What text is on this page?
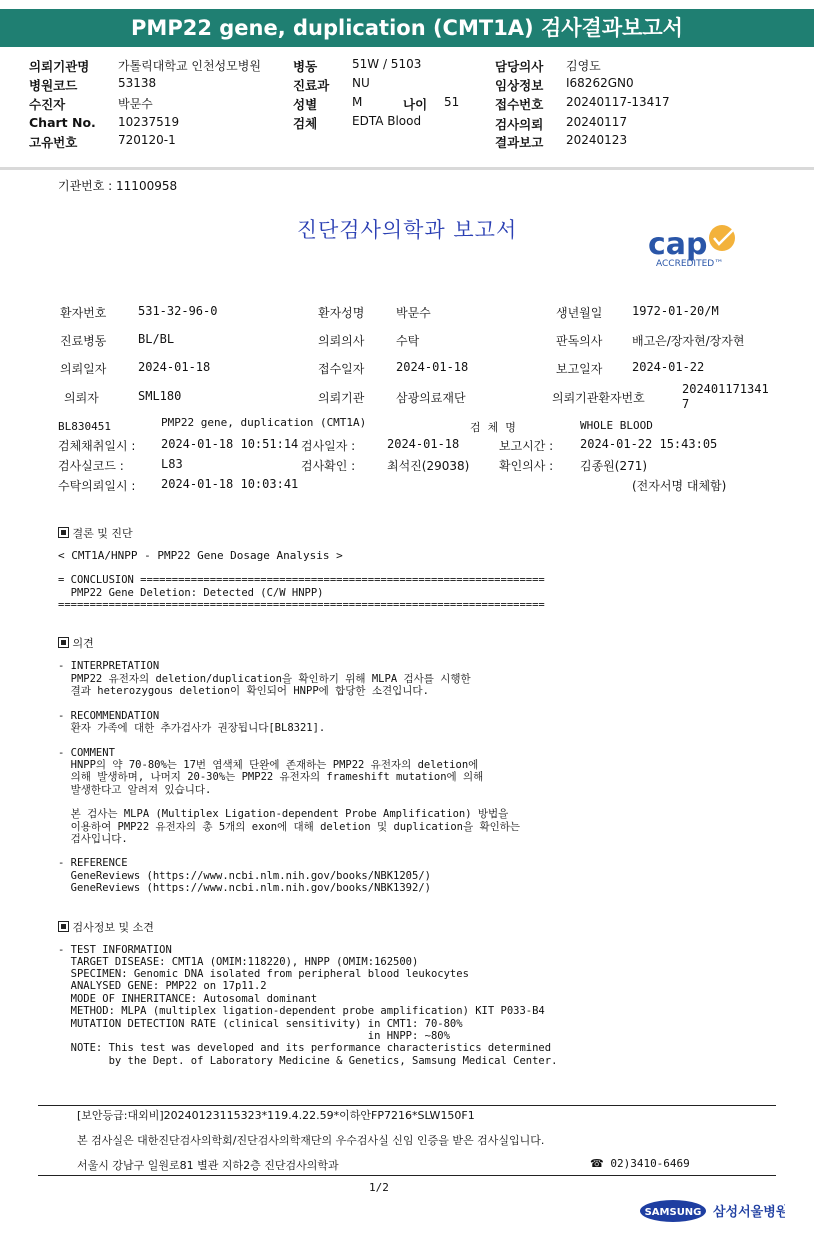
PMP22 gene, duplication (CMT1A) 검사결과보고서
의뢰기관명 가톨릭대학교 인천성모병원	병동	51W / 5103	담당의사 김영도
병원코드	53138	진료과 NU	임상정보 I68262GN0
수진자	박문수	성별	M	나이 51	접수번호 20240117-13417
Chart No. 10237519	검체	EDTA Blood	검사의뢰 20240117
고유번호	720120-1	결과보고 20240123
기관번호 : 11100958
진단검사의학과 보고서	cap
ACCREDITED™
환자번호	531-32-96-0	환자성명	박문수	생년월일 1972-01-20/M
진료병동	BL/BL	의뢰의사	수탁	판독의사 배고은/장자현/장자현
의뢰일자	2024-01-18	접수일자	2024-01-18	보고일자 2024-01-22
의뢰자	SML180	의뢰기관	삼광의료재단	의뢰기관환자번호
202401171341
7
BL830451	PMP22 gene, duplication (CMT1A)	검  체  명	WHOLE BLOOD
검체채취일시 : 2024-01-18 10:51:14 검사일자 :	2024-01-18	보고시간 : 2024-01-22 15:43:05
검사실코드 :	L83	검사확인 :	최석진(29038) 확인의사 : 김종원(271)
수탁의뢰일시 : 2024-01-18 10:03:41	(전자서명 대체함)
결론 및 진단
< CMT1A/HNPP - PMP22 Gene Dosage Analysis >
= CONCLUSION ================================================================
PMP22 Gene Deletion: Detected (C/W HNPP)
=============================================================================
의견
- INTERPRETATION
PMP22 유전자의 deletion/duplication을 확인하기 위해 MLPA 검사를 시행한
결과 heterozygous deletion이 확인되어 HNPP에 합당한 소견입니다.
- RECOMMENDATION
환자 가족에 대한 추가검사가 권장됩니다[BL8321].
- COMMENT
HNPP의 약 70-80%는 17번 염색체 단완에 존재하는 PMP22 유전자의 deletion에
의해 발생하며, 나머지 20-30%는 PMP22 유전자의 frameshift mutation에 의해
발생한다고 알려져 있습니다.
본 검사는 MLPA (Multiplex Ligation-dependent Probe Amplification) 방법을
이용하여 PMP22 유전자의 총 5개의 exon에 대해 deletion 및 duplication을 확인하는
검사입니다.
- REFERENCE
GeneReviews (https://www.ncbi.nlm.nih.gov/books/NBK1205/)
GeneReviews (https://www.ncbi.nlm.nih.gov/books/NBK1392/)
검사정보 및 소견
- TEST INFORMATION
TARGET DISEASE: CMT1A (OMIM:118220), HNPP (OMIM:162500)
SPECIMEN: Genomic DNA isolated from peripheral blood leukocytes
ANALYSED GENE: PMP22 on 17p11.2
MODE OF INHERITANCE: Autosomal dominant
METHOD: MLPA (multiplex ligation-dependent probe amplification) KIT P033-B4
MUTATION DETECTION RATE (clinical sensitivity) in CMT1: 70-80%
in HNPP: ~80%
NOTE: This test was developed and its performance characteristics determined
by the Dept. of Laboratory Medicine & Genetics, Samsung Medical Center.
[보안등급:대외비]20240123115323*119.4.22.59*이하안FP7216*SLW150F1
본 검사실은 대한진단검사의학회/진단검사의학재단의 우수검사실 신임 인증을 받은 검사실입니다.
서울시 강남구 일원로81 별관 지하2층 진단검사의학과	☎ 02)3410-6469
1/2
SAMSUNG 삼성서울병원
